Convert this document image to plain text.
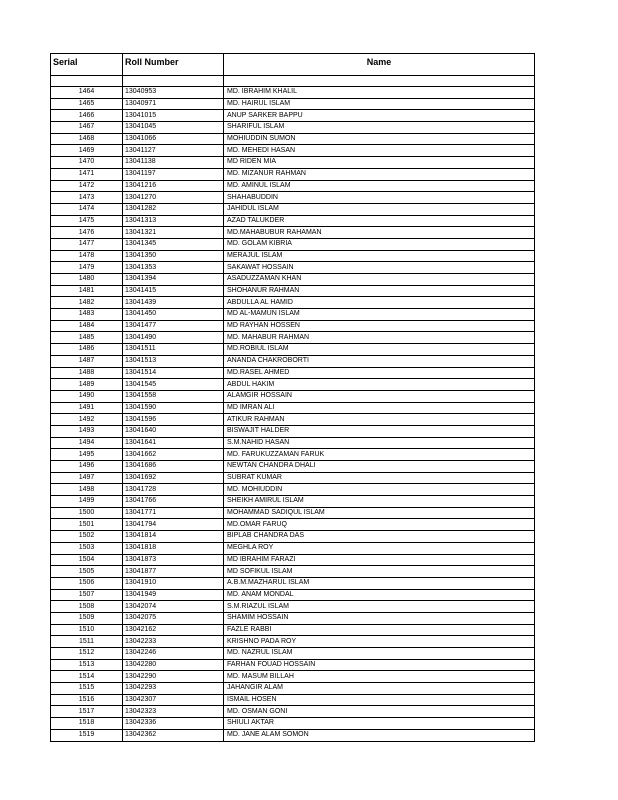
Serial	Roll Number	Name

1464	13040953	MD. IBRAHIM KHALIL
1465	13040971	MD. HAIRUL ISLAM
1466	13041015	ANUP SARKER BAPPU
1467	13041045	SHARIFUL ISLAM
1468	13041066	MOHIUDDIN SUMON
1469	13041127	MD. MEHEDI HASAN
1470	13041138	MD RIDEN MIA
1471	13041197	MD. MIZANUR RAHMAN
1472	13041216	MD. AMINUL ISLAM
1473	13041270	SHAHABUDDIN
1474	13041282	JAHIDUL ISLAM
1475	13041313	AZAD TALUKDER
1476	13041321	MD.MAHABUBUR RAHAMAN
1477	13041345	MD. GOLAM KIBRIA
1478	13041350	MERAJUL ISLAM
1479	13041353	SAKAWAT HOSSAIN
1480	13041394	ASADUZZAMAN KHAN
1481	13041415	SHOHANUR RAHMAN
1482	13041439	ABDULLA AL HAMID
1483	13041450	MD AL-MAMUN ISLAM
1484	13041477	MD RAYHAN HOSSEN
1485	13041490	MD. MAHABUR RAHMAN
1486	13041511	MD.ROBIUL ISLAM
1487	13041513	ANANDA CHAKROBORTI
1488	13041514	MD.RASEL AHMED
1489	13041545	ABDUL HAKIM
1490	13041558	ALAMGIR HOSSAIN
1491	13041590	MD IMRAN ALI
1492	13041596	ATIKUR RAHMAN
1493	13041640	BISWAJIT HALDER
1494	13041641	S.M.NAHID HASAN
1495	13041662	MD. FARUKUZZAMAN FARUK
1496	13041686	NEWTAN CHANDRA DHALI
1497	13041692	SUBRAT KUMAR
1498	13041728	MD. MOHIUDDIN
1499	13041766	SHEIKH AMIRUL ISLAM
1500	13041771	MOHAMMAD SADIQUL ISLAM
1501	13041794	MD.OMAR FARUQ
1502	13041814	BIPLAB CHANDRA DAS
1503	13041818	MEGHLA ROY
1504	13041873	MD IBRAHIM FARAZI
1505	13041877	MD SOFIKUL ISLAM
1506	13041910	A.B.M.MAZHARUL ISLAM
1507	13041949	MD. ANAM MONDAL
1508	13042074	S.M.RIAZUL ISLAM
1509	13042075	SHAMIM HOSSAIN
1510	13042162	FAZLE RABBI
1511	13042233	KRISHNO PADA ROY
1512	13042246	MD. NAZRUL ISLAM
1513	13042280	FARHAN FOUAD HOSSAIN
1514	13042290	MD. MASUM BILLAH
1515	13042293	JAHANGIR ALAM
1516	13042307	ISMAIL HOSEN
1517	13042323	MD. OSMAN GONI
1518	13042336	SHIULI AKTAR
1519	13042362	MD. JANE ALAM SOMON
